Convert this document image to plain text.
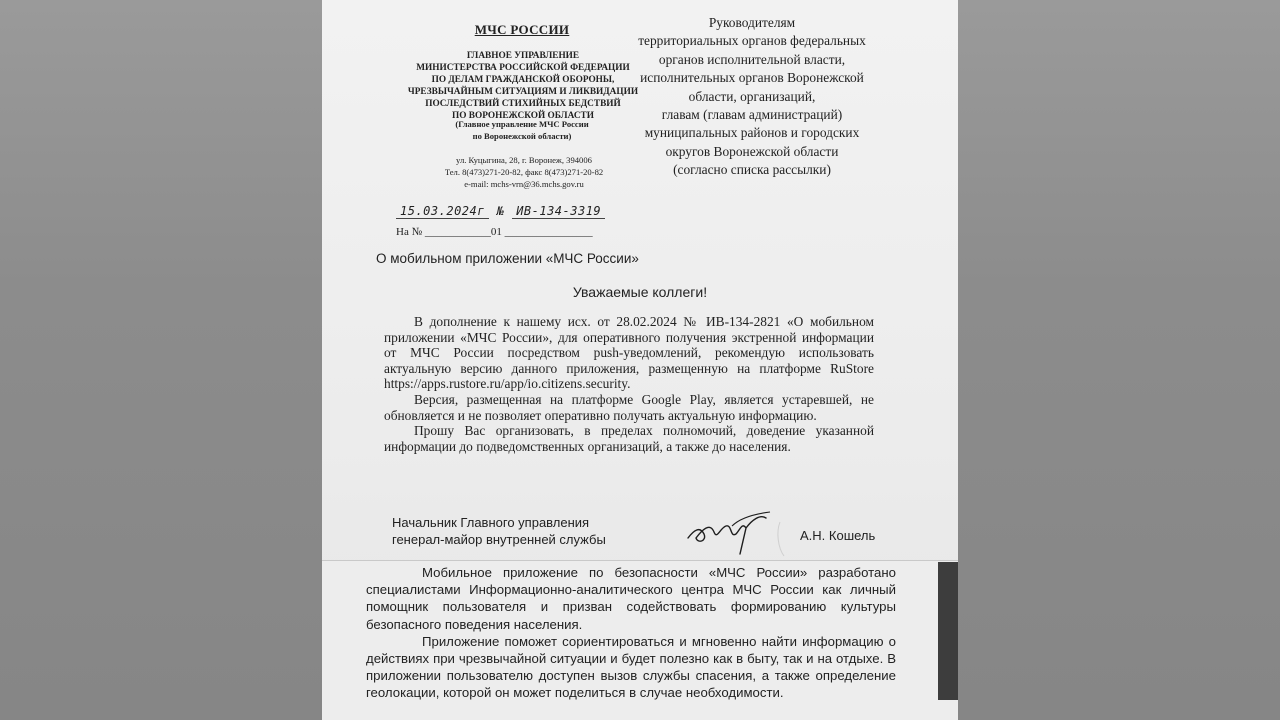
МЧС РОССИИ
ГЛАВНОЕ УПРАВЛЕНИЕ
МИНИСТЕРСТВА РОССИЙСКОЙ ФЕДЕРАЦИИ
ПО ДЕЛАМ ГРАЖДАНСКОЙ ОБОРОНЫ,
ЧРЕЗВЫЧАЙНЫМ СИТУАЦИЯМ И ЛИКВИДАЦИИ
ПОСЛЕДСТВИЙ СТИХИЙНЫХ БЕДСТВИЙ
ПО ВОРОНЕЖСКОЙ ОБЛАСТИ
(Главное управление МЧС России
по Воронежской области)
ул. Куцыгина, 28, г. Воронеж, 394006
Тел. 8(473)271-20-82, факс 8(473)271-20-82
e-mail: mchs-vrn@36.mchs.gov.ru
15.03.2024г № ИВ-134-3319
На № ____________01 ________________
Руководителям
территориальных органов федеральных
органов исполнительной власти,
исполнительных органов Воронежской
области, организаций,
главам (главам администраций)
муниципальных районов и городских
округов Воронежской области
(согласно списка рассылки)
О мобильном приложении «МЧС России»
Уважаемые коллеги!

В дополнение к нашему исх. от 28.02.2024 № ИВ-134-2821 «О мобильном приложении «МЧС России», для оперативного получения экстренной информации от МЧС России посредством push-уведомлений, рекомендую использовать актуальную версию данного приложения, размещенную на платформе RuStore https://apps.rustore.ru/app/io.citizens.security.

Версия, размещенная на платформе Google Play, является устаревшей, не обновляется и не позволяет оперативно получать актуальную информацию.

Прошу Вас организовать, в пределах полномочий, доведение указанной информации до подведомственных организаций, а также до населения.

Начальник Главного управления
генерал-майор внутренней службы	А.Н. Кошель

Мобильное приложение по безопасности «МЧС России» разработано специалистами Информационно-аналитического центра МЧС России как личный помощник пользователя и призван содействовать формированию культуры безопасного поведения населения.

Приложение поможет сориентироваться и мгновенно найти информацию о действиях при чрезвычайной ситуации и будет полезно как в быту, так и на отдыхе. В приложении пользователю доступен вызов службы спасения, а также определение геолокации, которой он может поделиться в случае необходимости.
